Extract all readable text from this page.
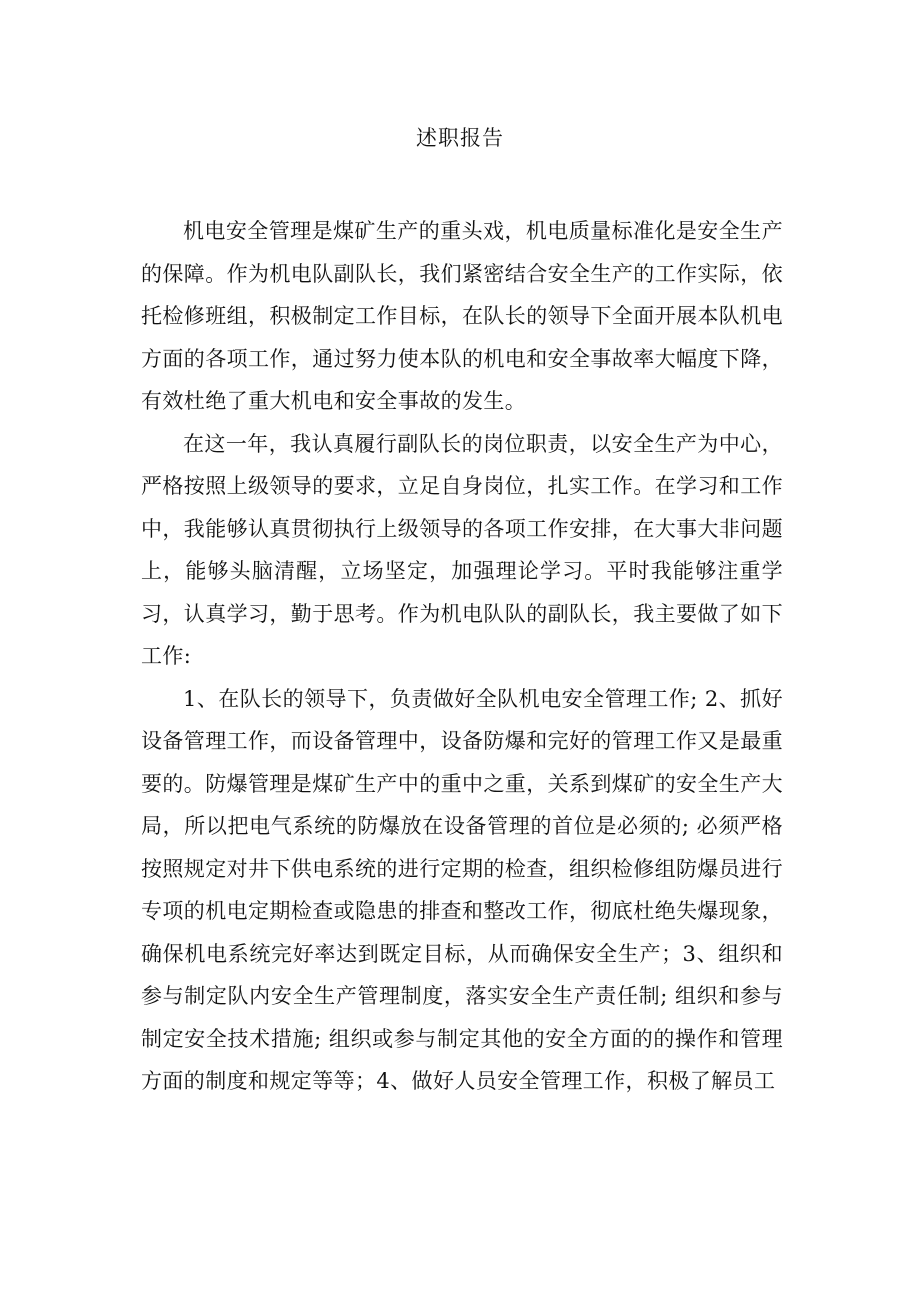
述职报告

机电安全管理是煤矿生产的重头戏，机电质量标准化是安全生产的保障。作为机电队副队长，我们紧密结合安全生产的工作实际，依托检修班组，积极制定工作目标，在队长的领导下全面开展本队机电方面的各项工作，通过努力使本队的机电和安全事故率大幅度下降，有效杜绝了重大机电和安全事故的发生。

在这一年，我认真履行副队长的岗位职责，以安全生产为中心，严格按照上级领导的要求，立足自身岗位，扎实工作。在学习和工作中，我能够认真贯彻执行上级领导的各项工作安排，在大事大非问题上，能够头脑清醒，立场坚定，加强理论学习。平时我能够注重学习，认真学习，勤于思考。作为机电队队的副队长，我主要做了如下工作:

1、在队长的领导下，负责做好全队机电安全管理工作; 2、抓好设备管理工作，而设备管理中，设备防爆和完好的管理工作又是最重要的。防爆管理是煤矿生产中的重中之重，关系到煤矿的安全生产大局，所以把电气系统的防爆放在设备管理的首位是必须的; 必须严格按照规定对井下供电系统的进行定期的检查，组织检修组防爆员进行专项的机电定期检查或隐患的排查和整改工作，彻底杜绝失爆现象，确保机电系统完好率达到既定目标，从而确保安全生产；3、组织和参与制定队内安全生产管理制度，落实安全生产责任制; 组织和参与制定安全技术措施; 组织或参与制定其他的安全方面的的操作和管理方面的制度和规定等等；4、做好人员安全管理工作，积极了解员工
